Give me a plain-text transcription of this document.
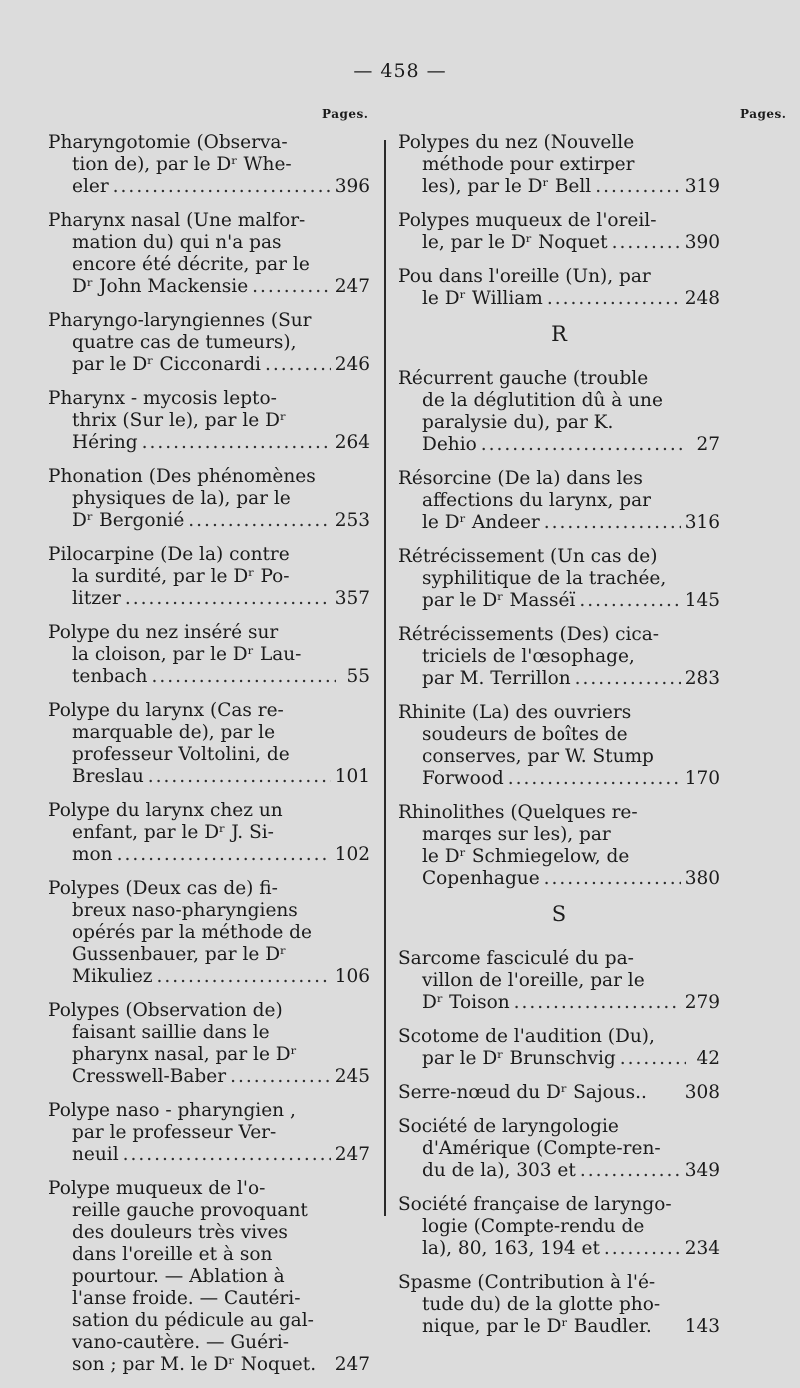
— 458 —
Pages.	Pages.
Pharyngotomie (Observa-
tion de), par le Dʳ Whe-
eler .....	396
Pharynx nasal (Une malfor-
mation du) qui n'a pas
encore été décrite, par le
Dʳ John Mackensie .....	247
Pharyngo-laryngiennes (Sur
quatre cas de tumeurs),
par le Dʳ Cicconardi .....	246
Pharynx - mycosis lepto-
thrix (Sur le), par le Dʳ
Héring .....	264
Phonation (Des phénomènes
physiques de la), par le
Dʳ Bergonié .....	253
Pilocarpine (De la) contre
la surdité, par le Dʳ Po-
litzer .....	357
Polype du nez inséré sur
la cloison, par le Dʳ Lau-
tenbach .....	55
Polype du larynx (Cas re-
marquable de), par le
professeur Voltolini, de
Breslau .....	101
Polype du larynx chez un
enfant, par le Dʳ J. Si-
mon .....	102
Polypes (Deux cas de) fi-
breux naso-pharyngiens
opérés par la méthode de
Gussenbauer, par le Dʳ
Mikuliez .....	106
Polypes (Observation de)
faisant saillie dans le
pharynx nasal, par le Dʳ
Cresswell-Baber .....	245
Polype naso - pharyngien ,
par le professeur Ver-
neuil .....	247
Polype muqueux de l'o-
reille gauche provoquant
des douleurs très vives
dans l'oreille et à son
pourtour. — Ablation à
l'anse froide. — Cautéri-
sation du pédicule au gal-
vano-cautère. — Guéri-
son ; par M. le Dʳ Noquet. 247
Polypes du nez (Nouvelle
méthode pour extirper
les), par le Dʳ Bell .....	319
Polypes muqueux de l'oreil-
le, par le Dʳ Noquet .....	390
Pou dans l'oreille (Un), par
le Dʳ William .....	248
R
Récurrent gauche (trouble
de la déglutition dû à une
paralysie du), par K.
Dehio .....	27
Résorcine (De la) dans les
affections du larynx, par
le Dʳ Andeer .....	316
Rétrécissement (Un cas de)
syphilitique de la trachée,
par le Dʳ Masséï .....	145
Rétrécissements (Des) cica-
triciels de l'œsophage,
par M. Terrillon .....	283
Rhinite (La) des ouvriers
soudeurs de boîtes de
conserves, par W. Stump
Forwood .....	170
Rhinolithes (Quelques re-
marqes sur les), par
le Dʳ Schmiegelow, de
Copenhague .....	380
S
Sarcome fasciculé du pa-
villon de l'oreille, par le
Dʳ Toison .....	279
Scotome de l'audition (Du),
par le Dʳ Brunschvig .....	42
Serre-nœud du Dʳ Sajous.. 308
Société de laryngologie
d'Amérique (Compte-ren-
du de la), 303 et .....	349
Société française de laryngo-
logie (Compte-rendu de
la), 80, 163, 194 et .....	234
Spasme (Contribution à l'é-
tude du) de la glotte pho-
nique, par le Dʳ Baudler. 143
